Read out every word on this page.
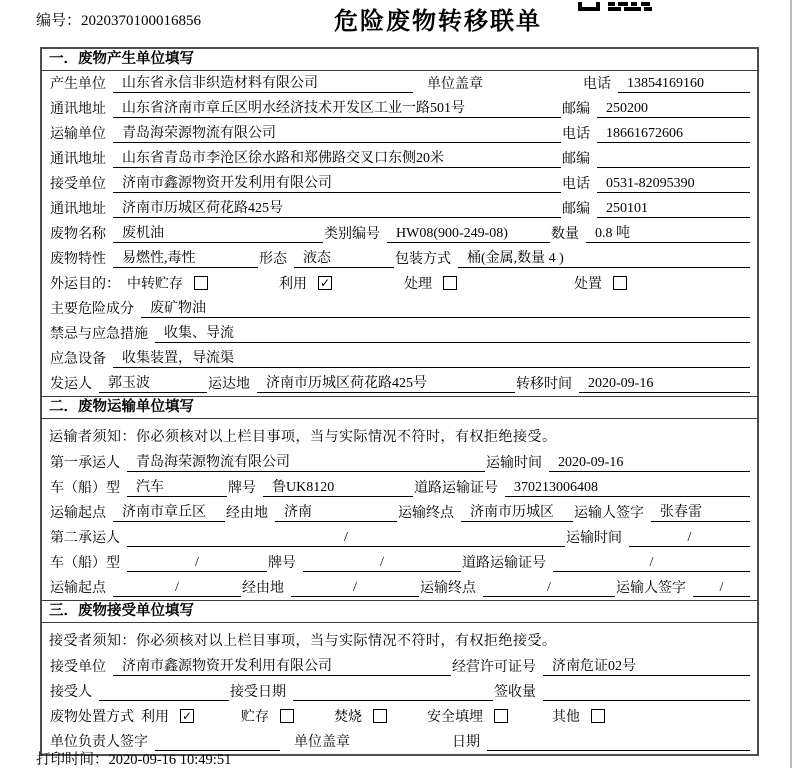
编号：2020370100016856	危险废物转移联单
一．废物产生单位填写
产生单位	山东省永信非织造材料有限公司	单位盖章	电话	13854169160
通讯地址	山东省济南市章丘区明水经济技术开发区工业一路501号	邮编	250200
运输单位	青岛海荣源物流有限公司	电话	18661672606
通讯地址	山东省青岛市李沧区徐水路和郑佛路交叉口东侧20米	邮编
接受单位	济南市鑫源物资开发利用有限公司	电话	0531-82095390
通讯地址	济南市历城区荷花路425号	邮编	250101
废物名称	废机油	类别编号	HW08(900-249-08)	数量	0.8 吨
废物特性	易燃性,毒性	形态	液态	包装方式	桶(金属,数量 4 )
外运目的： 中转贮存	利用	✓	处理	处置
主要危险成分	废矿物油
禁忌与应急措施	收集、导流
应急设备	收集装置，导流渠
发运人	郭玉波	运达地	济南市历城区荷花路425号	转移时间	2020-09-16
二．废物运输单位填写
运输者须知：你必须核对以上栏目事项，当与实际情况不符时，有权拒绝接受。
第一承运人	青岛海荣源物流有限公司	运输时间	2020-09-16
车（船）型	汽车	牌号	鲁UK8120	道路运输证号	370213006408
运输起点	济南市章丘区 经由地	济南	运输终点	济南市历城区 运输人签字	张春雷
第二承运人	/	运输时间	/
车（船）型	/	牌号	/	道路运输证号	/
运输起点	/	经由地	/	运输终点	/	运输人签字	/
三．废物接受单位填写
接受者须知：你必须核对以上栏目事项，当与实际情况不符时，有权拒绝接受。
接受单位	济南市鑫源物资开发利用有限公司	经营许可证号	济南危证02号
接受人	接受日期	签收量
废物处置方式 利用	✓	贮存	焚烧	安全填埋	其他
单位负责人签字	单位盖章	日期
打印时间：2020-09-16 10:49:51
